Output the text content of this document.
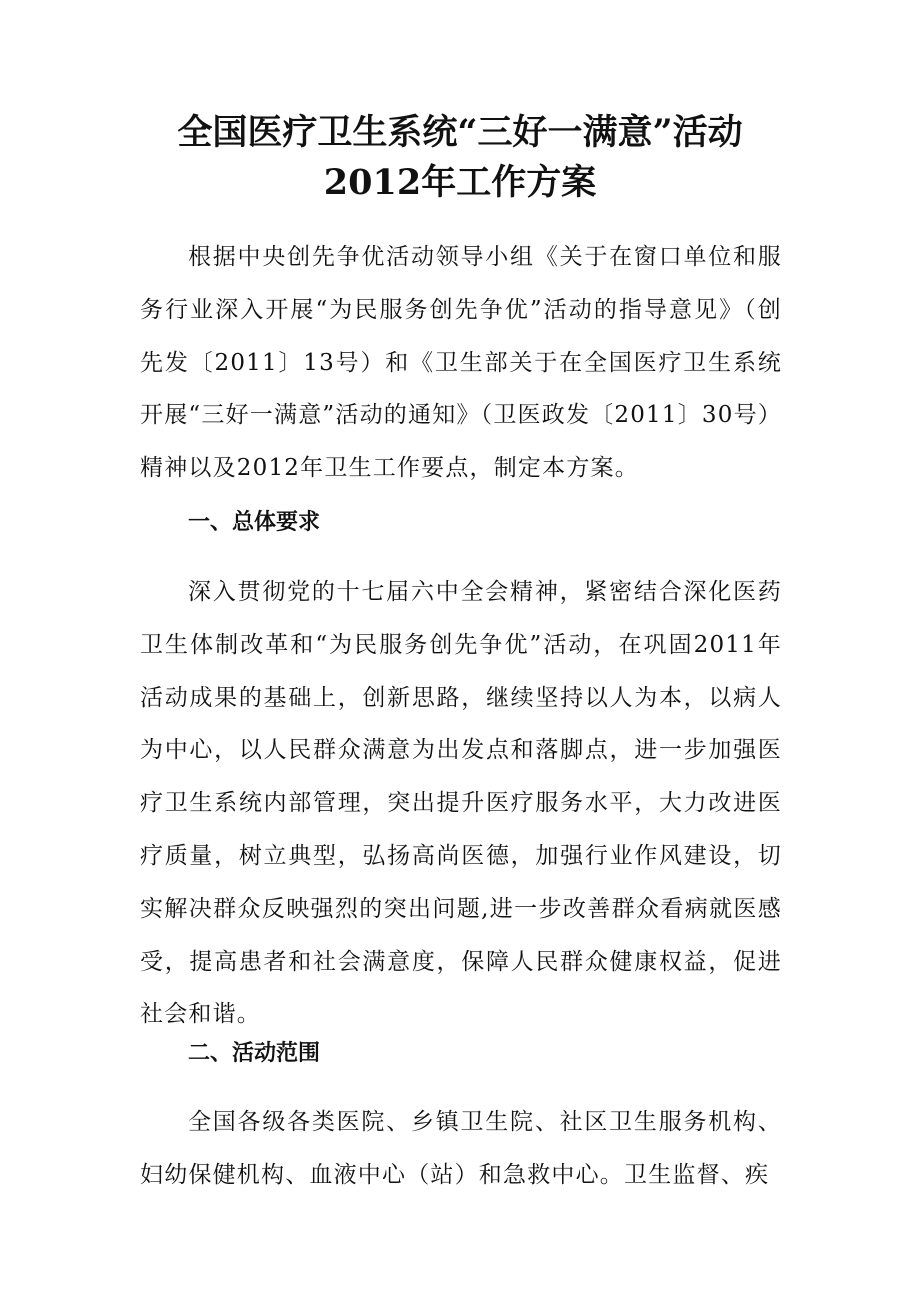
全国医疗卫生系统“三好一满意”活动
2012年工作方案

根据中央创先争优活动领导小组《关于在窗口单位和服务行业深入开展“为民服务创先争优”活动的指导意见》（创先发〔2011〕13号）和《卫生部关于在全国医疗卫生系统开展“三好一满意”活动的通知》（卫医政发〔2011〕30号）精神以及2012年卫生工作要点，制定本方案。

一、总体要求

深入贯彻党的十七届六中全会精神，紧密结合深化医药卫生体制改革和“为民服务创先争优”活动，在巩固2011年活动成果的基础上，创新思路，继续坚持以人为本，以病人为中心，以人民群众满意为出发点和落脚点，进一步加强医疗卫生系统内部管理，突出提升医疗服务水平，大力改进医疗质量，树立典型，弘扬高尚医德，加强行业作风建设，切实解决群众反映强烈的突出问题,进一步改善群众看病就医感受，提高患者和社会满意度，保障人民群众健康权益，促进社会和谐。

二、活动范围

全国各级各类医院、乡镇卫生院、社区卫生服务机构、妇幼保健机构、血液中心（站）和急救中心。卫生监督、疾
